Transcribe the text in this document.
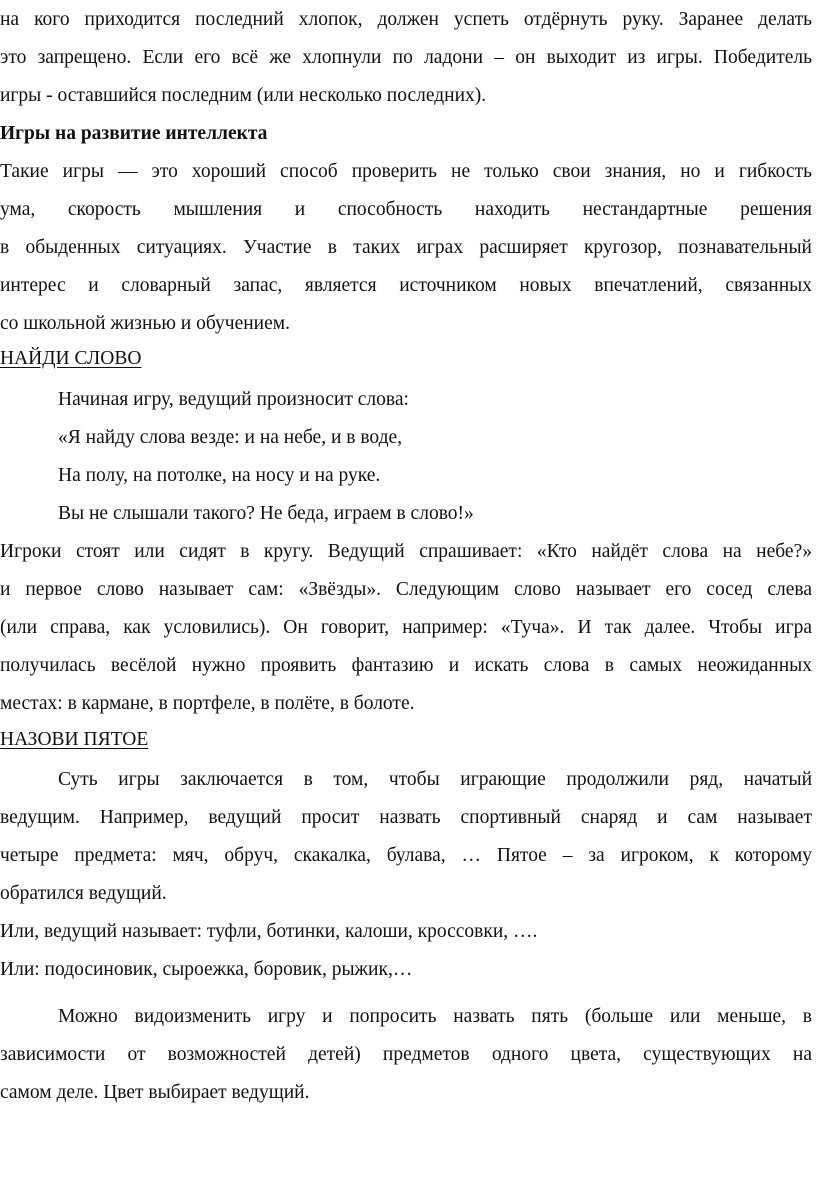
на кого приходится последний хлопок, должен успеть отдёрнуть руку. Заранее делать
это запрещено. Если его всё же хлопнули по ладони – он выходит из игры. Победитель
игры - оставшийся последним (или несколько последних).
Игры на развитие интеллекта
Такие игры — это хороший способ проверить не только свои знания, но и гибкость
ума, скорость мышления и способность находить нестандартные решения
в обыденных ситуациях. Участие в таких играх расширяет кругозор, познавательный
интерес и словарный запас, является источником новых впечатлений, связанных
со школьной жизнью и обучением.
НАЙДИ СЛОВО
Начиная игру, ведущий произносит слова:
«Я найду слова везде: и на небе, и в воде,
На полу, на потолке, на носу и на руке.
Вы не слышали такого? Не беда, играем в слово!»
Игроки стоят или сидят в кругу. Ведущий спрашивает: «Кто найдёт слова на небе?»
и первое слово называет сам: «Звёзды». Следующим слово называет его сосед слева
(или справа, как условились). Он говорит, например: «Туча». И так далее. Чтобы игра
получилась весёлой нужно проявить фантазию и искать слова в самых неожиданных
местах: в кармане, в портфеле, в полёте, в болоте.
НАЗОВИ ПЯТОЕ
Суть игры заключается в том, чтобы играющие продолжили ряд, начатый
ведущим. Например, ведущий просит назвать спортивный снаряд и сам называет
четыре предмета: мяч, обруч, скакалка, булава, … Пятое – за игроком, к которому
обратился ведущий.
Или, ведущий называет: туфли, ботинки, калоши, кроссовки, ….
Или: подосиновик, сыроежка, боровик, рыжик,…
Можно видоизменить игру и попросить назвать пять (больше или меньше, в
зависимости от возможностей детей) предметов одного цвета, существующих на
самом деле. Цвет выбирает ведущий.
